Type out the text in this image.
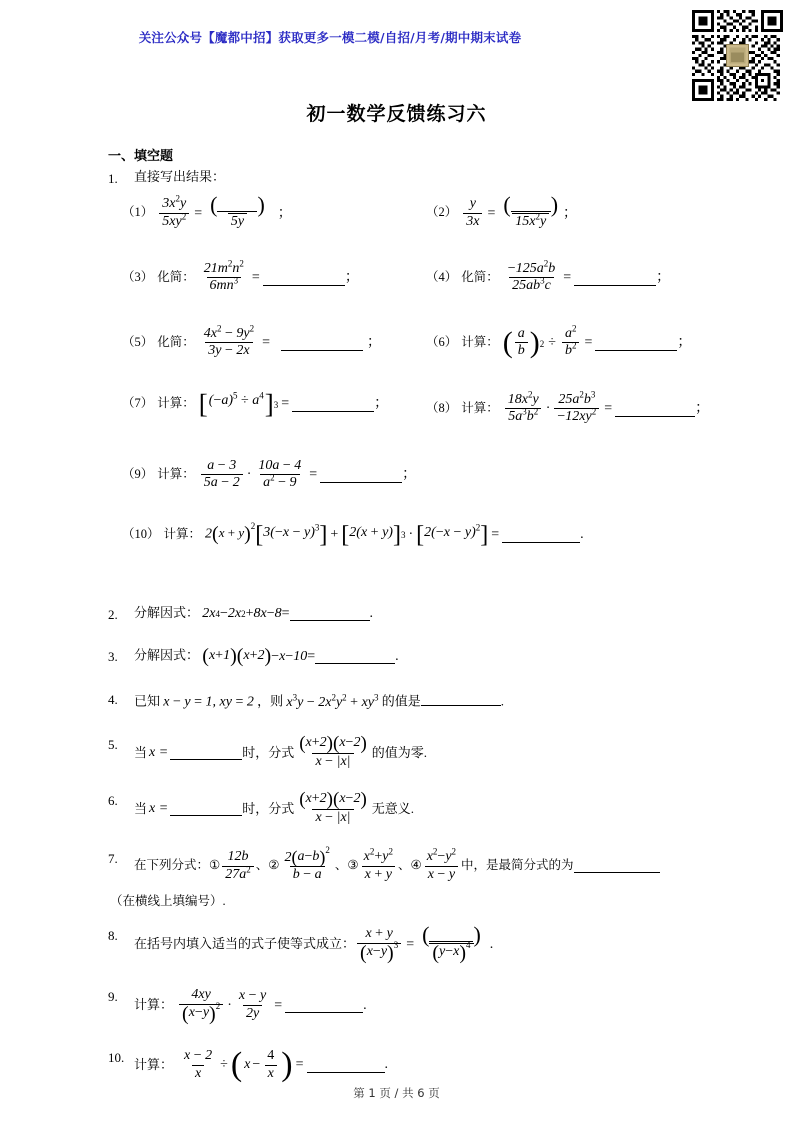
关注公众号【魔都中招】获取更多一模二模/自招/月考/期中期末试卷
初一数学反馈练习六
一、填空题
1.	直接写出结果：
$(1) \frac{3x^2y}{5xy^2} = \frac{( )}{5y}$ ；	$(2) \frac{y}{3x} = \frac{( )}{15x^2y}$ ；
（3） 化简： $\frac{21m^2n^2}{6mn^3}$ =	；	（4） 化简： $\frac{-125a^2b}{25ab^3c}$ =	；
（5） 化简： $\frac{4x^2 - 9y^2}{3y - 2x}$ =	；	（6） 计算： ( $\frac{a}{b}$ ) $2 \div \frac{a^2}{b^2}$ =	；
（7） 计算： [ $(-a)^5 \div a^4$ ] 3 =	；	（8） 计算： $\frac{18x^2y}{5a^3b^2} \cdot \frac{25a^2b^3}{-12xy^2}$ =	；
（9） 计算： $\frac{a - 3}{5a - 2} \cdot \frac{10a - 4}{a^2 - 9}$ =	；
（10） 计算： 2 ( x + y ) $^2$ [ $3(-x - y)^3$ ] + [ 2(x + y) ] 3 · [ $2(-x - y)^2$ ] =	.
2.	分解因式： 2 x 4 − 2 x 2 + 8 x − 8 =	.
3.	分解因式： ( x+1 ) ( x+2 ) − x − 10 =	.
4.	已知 x − y = 1, xy = 2 ，则 $x^3y - 2x^2y^2 + xy^3$ 的值是	.
5.
当 x =	时，分式 $\frac{( x+2 ) ( x-2 )}{x - |x|}$ 的值为零.
6.
当 x =	时，分式 $\frac{( x+2 ) ( x-2 )}{x - |x|}$ 无意义.
7.	在下列分式： ① $\frac{12b}{27a^2}$ 、 ② $\frac{2 ( a-b ) ^2}{b - a}$ 、 ③ $\frac{x^2+y^2}{x + y}$ 、 ④ $\frac{x^2-y^2}{x - y}$ 中，是最简分式的为
（在横线上填编号）.
8.
在括号内填入适当的式子使等式成立： $\frac{x + y}{( x-y ) ^3} = \frac{( )}{( y-x ) ^4}$ .
9.
计算： $\frac{4xy}{( x-y ) ^2} \cdot \frac{x - y}{2y}$ =	.
10. 计算： $\frac{x - 2}{x}$ ÷ ( $x - \frac{4}{x}$ ) =	.
第 1 页 / 共 6 页
